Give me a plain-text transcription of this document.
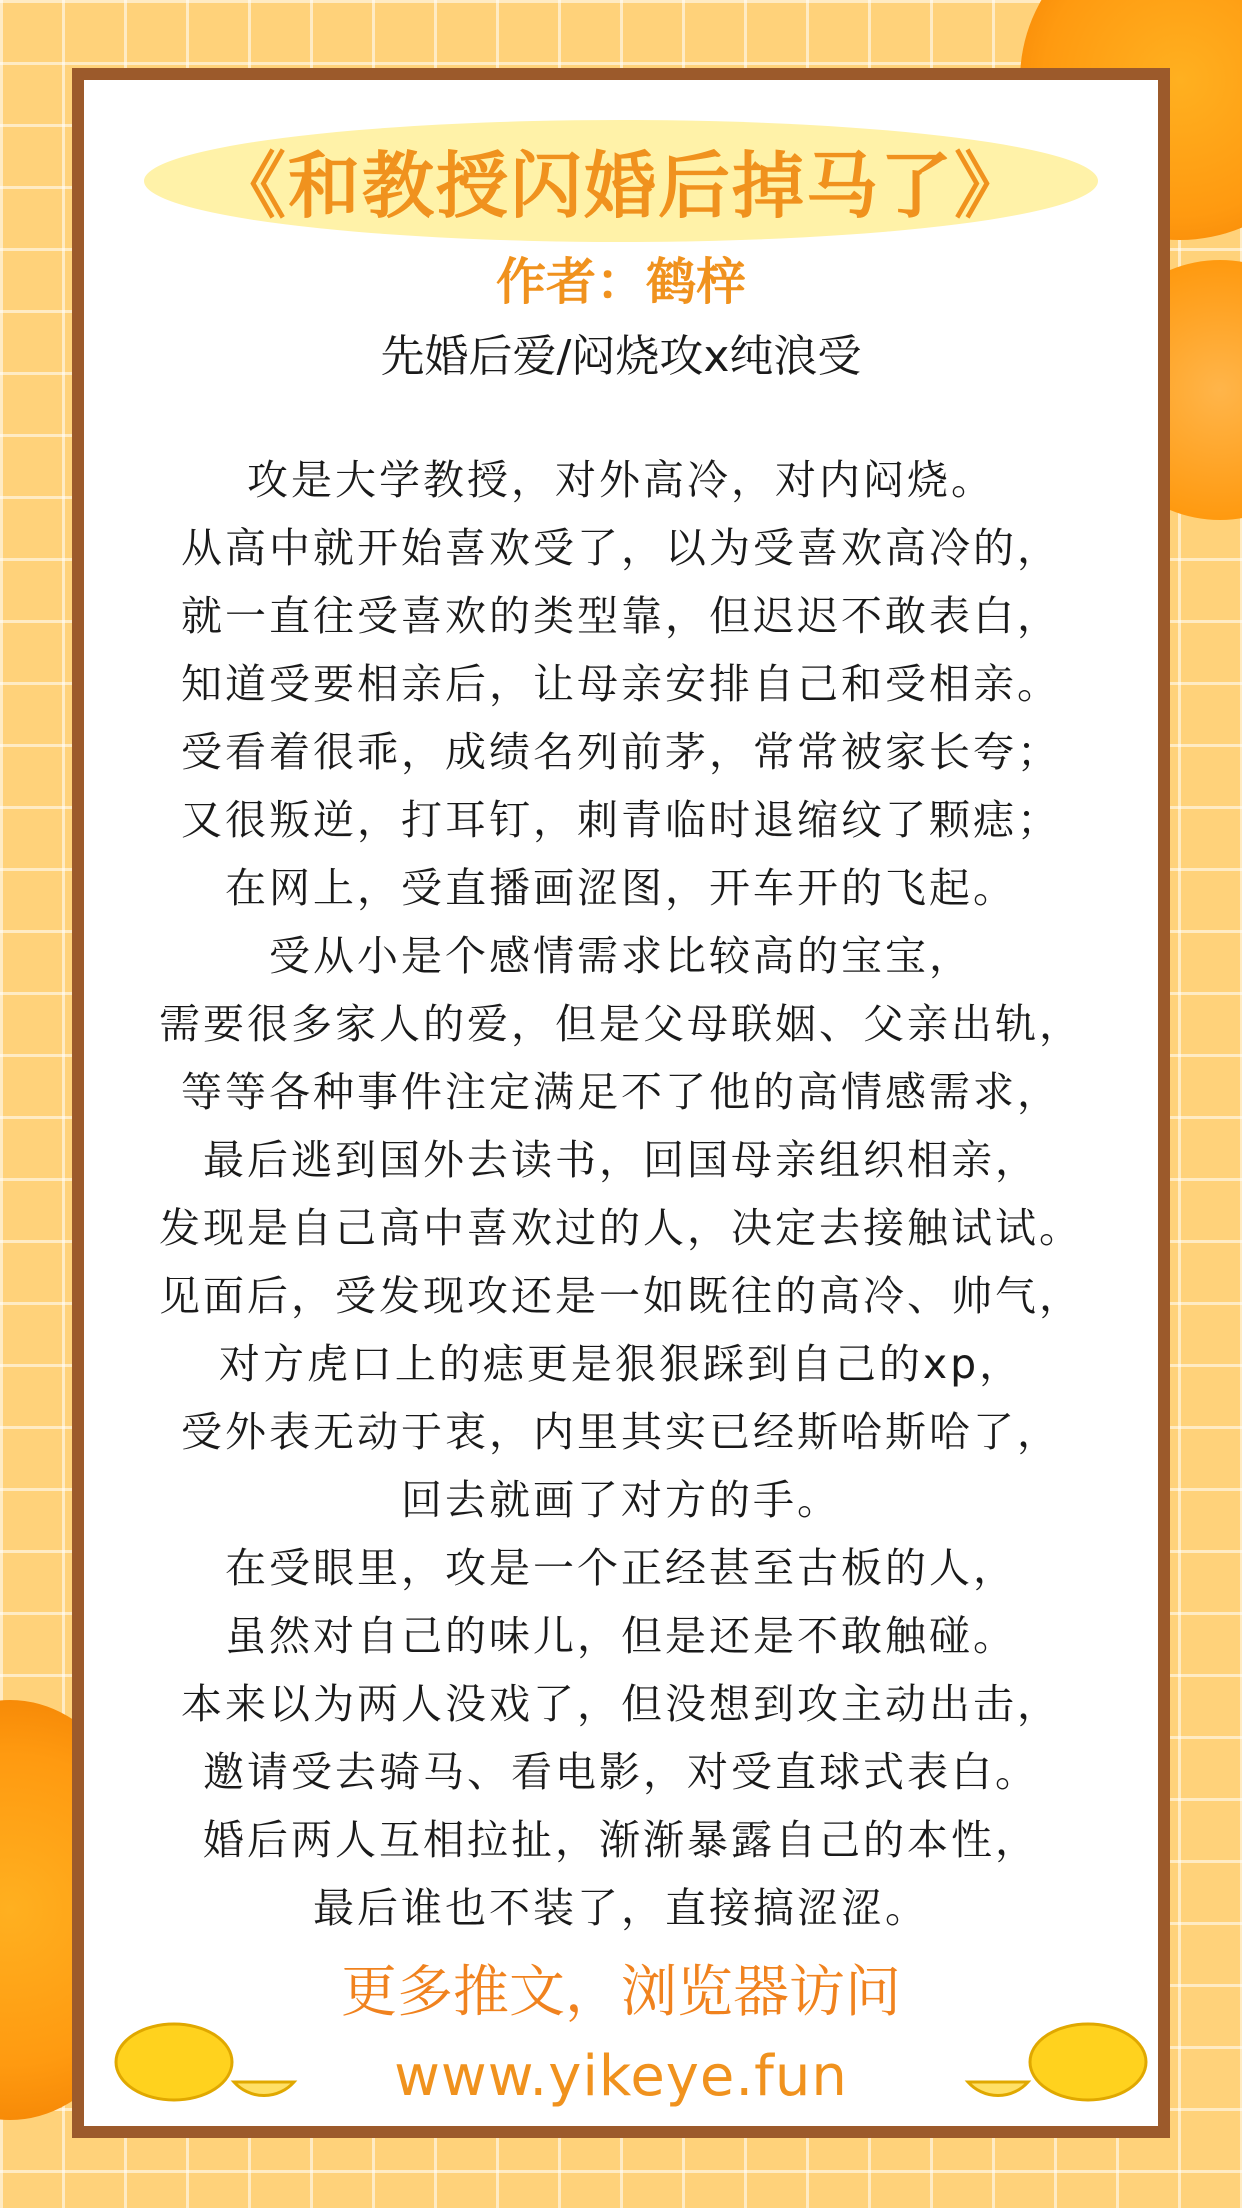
《和教授闪婚后掉马了》
作者：鹤梓
先婚后爱/闷烧攻x纯浪受
攻是大学教授，对外高冷，对内闷烧。
从高中就开始喜欢受了，以为受喜欢高冷的，
就一直往受喜欢的类型靠，但迟迟不敢表白，
知道受要相亲后，让母亲安排自己和受相亲。
受看着很乖，成绩名列前茅，常常被家长夸；
又很叛逆，打耳钉，刺青临时退缩纹了颗痣；
在网上，受直播画涩图，开车开的飞起。
受从小是个感情需求比较高的宝宝，
需要很多家人的爱，但是父母联姻、父亲出轨，
等等各种事件注定满足不了他的高情感需求，
最后逃到国外去读书，回国母亲组织相亲，
发现是自己高中喜欢过的人，决定去接触试试。
见面后，受发现攻还是一如既往的高冷、帅气，
对方虎口上的痣更是狠狠踩到自己的xp，
受外表无动于衷，内里其实已经斯哈斯哈了，
回去就画了对方的手。
在受眼里，攻是一个正经甚至古板的人，
虽然对自己的味儿，但是还是不敢触碰。
本来以为两人没戏了，但没想到攻主动出击，
邀请受去骑马、看电影，对受直球式表白。
婚后两人互相拉扯，渐渐暴露自己的本性，
最后谁也不装了，直接搞涩涩。
更多推文，浏览器访问
www.yikeye.fun
